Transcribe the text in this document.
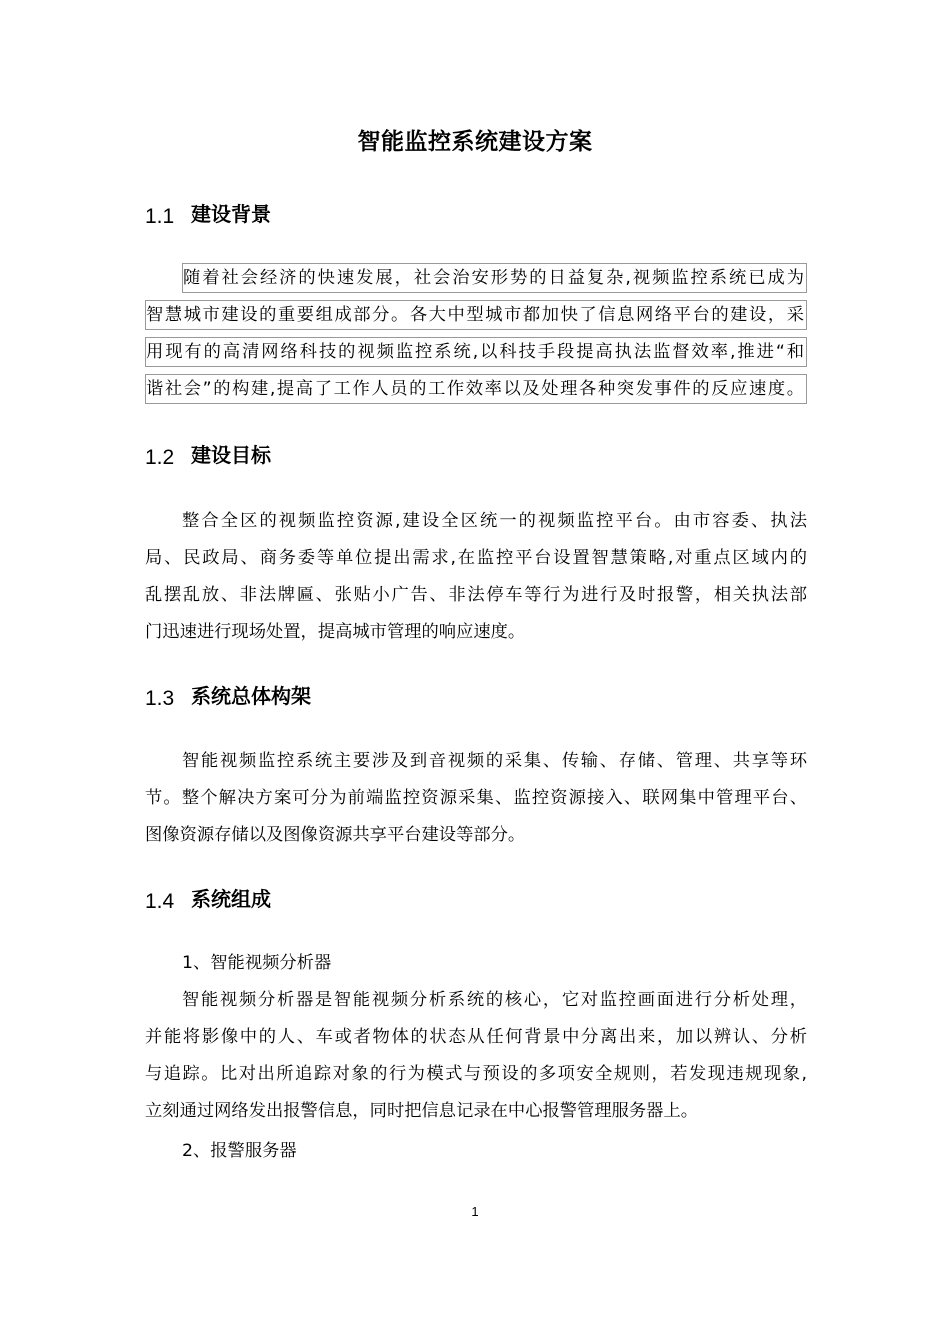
智能监控系统建设方案
1.1 建设背景
随着社会经济的快速发展，社会治安形势的日益复杂,视频监控系统已成为
智慧城市建设的重要组成部分。各大中型城市都加快了信息网络平台的建设，采
用现有的高清网络科技的视频监控系统,以科技手段提高执法监督效率,推进“和
谐社会”的构建,提高了工作人员的工作效率以及处理各种突发事件的反应速度。
1.2 建设目标
整合全区的视频监控资源,建设全区统一的视频监控平台。由市容委、执法
局、民政局、商务委等单位提出需求,在监控平台设置智慧策略,对重点区域内的
乱摆乱放、非法牌匾、张贴小广告、非法停车等行为进行及时报警，相关执法部
门迅速进行现场处置，提高城市管理的响应速度。
1.3 系统总体构架
智能视频监控系统主要涉及到音视频的采集、传输、存储、管理、共享等环
节。整个解决方案可分为前端监控资源采集、监控资源接入、联网集中管理平台、
图像资源存储以及图像资源共享平台建设等部分。
1.4 系统组成
1、智能视频分析器
智能视频分析器是智能视频分析系统的核心，它对监控画面进行分析处理，
并能将影像中的人、车或者物体的状态从任何背景中分离出来，加以辨认、分析
与追踪。比对出所追踪对象的行为模式与预设的多项安全规则，若发现违规现象,
立刻通过网络发出报警信息，同时把信息记录在中心报警管理服务器上。
2、报警服务器
1
